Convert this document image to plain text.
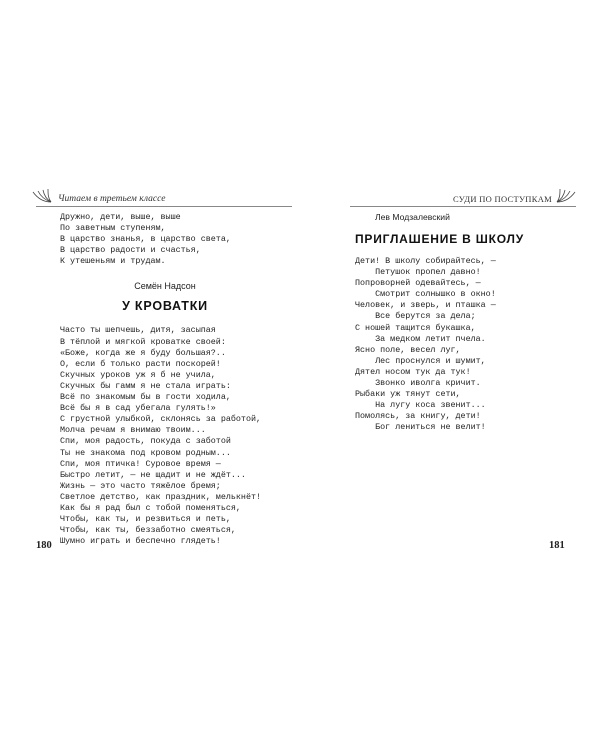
Читаем в третьем классе	СУДИ ПО ПОСТУПКАМ
Дружно, дети, выше, выше
По заветным ступеням,
В царство знанья, в царство света,
В царство радости и счастья,
К утешеньям и трудам.
Семён Надсон
У КРОВАТКИ
Часто ты шепчешь, дитя, засыпая
В тёплой и мягкой кроватке своей:
«Боже, когда же я буду большая?..
О, если б только расти поскорей!
Скучных уроков уж я б не учила,
Скучных бы гамм я не стала играть:
Всё по знакомым бы в гости ходила,
Всё бы я в сад убегала гулять!»
С грустной улыбкой, склонясь за работой,
Молча речам я внимаю твоим...
Спи, моя радость, покуда с заботой
Ты не знакома под кровом родным...
Спи, моя птичка! Суровое время —
Быстро летит, — не щадит и не ждёт...
Жизнь — это часто тяжёлое бремя;
Светлое детство, как праздник, мелькнёт!
Как бы я рад был с тобой поменяться,
Чтобы, как ты, и резвиться и петь,
Чтобы, как ты, беззаботно смеяться,
Шумно играть и беспечно глядеть!
Лев Модзалевский
ПРИГЛАШЕНИЕ В ШКОЛУ
Дети! В школу собирайтесь, —
Петушок пропел давно!
Попроворней одевайтесь, —
Смотрит солнышко в окно!
Человек, и зверь, и пташка —
Все берутся за дела;
С ношей тащится букашка,
За медком летит пчела.
Ясно поле, весел луг,
Лес проснулся и шумит,
Дятел носом тук да тук!
Звонко иволга кричит.
Рыбаки уж тянут сети,
На лугу коса звенит...
Помолясь, за книгу, дети!
Бог лениться не велит!
180	181
